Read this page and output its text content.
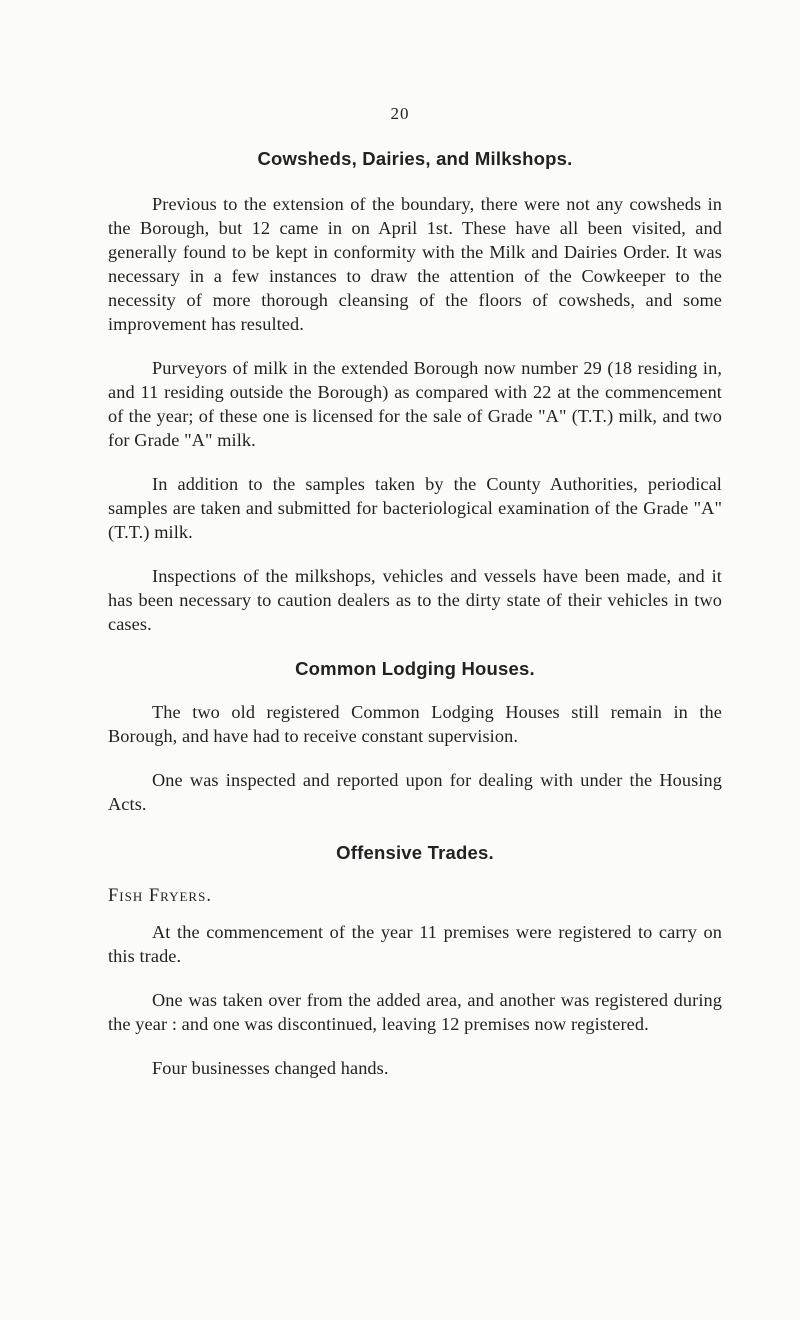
20
Cowsheds, Dairies, and Milkshops.

Previous to the extension of the boundary, there were not any cowsheds in the Borough, but 12 came in on April 1st. These have all been visited, and generally found to be kept in conformity with the Milk and Dairies Order. It was necessary in a few instances to draw the attention of the Cowkeeper to the necessity of more thorough cleansing of the floors of cowsheds, and some improvement has resulted.

Purveyors of milk in the extended Borough now number 29 (18 residing in, and 11 residing outside the Borough) as compared with 22 at the commencement of the year; of these one is licensed for the sale of Grade "A" (T.T.) milk, and two for Grade "A" milk.

In addition to the samples taken by the County Authorities, periodical samples are taken and submitted for bacteriological examination of the Grade "A" (T.T.) milk.

Inspections of the milkshops, vehicles and vessels have been made, and it has been necessary to caution dealers as to the dirty state of their vehicles in two cases.

Common Lodging Houses.

The two old registered Common Lodging Houses still remain in the Borough, and have had to receive constant supervision.

One was inspected and reported upon for dealing with under the Housing Acts.

Offensive Trades.

Fish Fryers.

At the commencement of the year 11 premises were registered to carry on this trade.

One was taken over from the added area, and another was registered during the year : and one was discontinued, leaving 12 premises now registered.

Four businesses changed hands.
